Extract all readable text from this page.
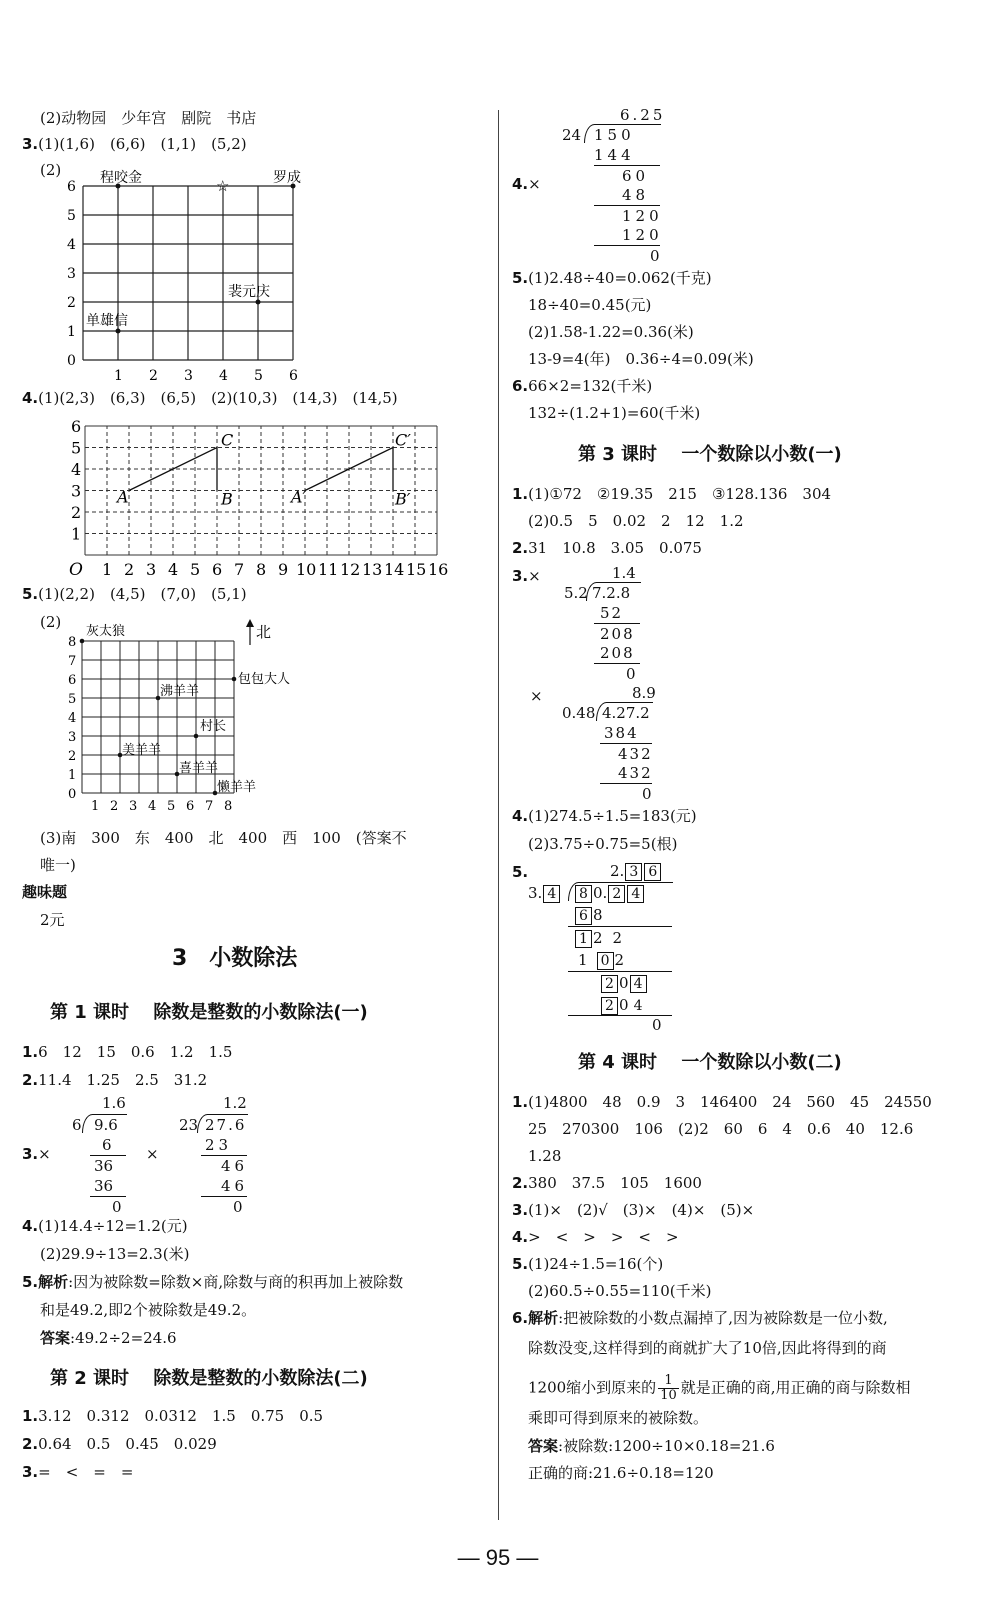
(2)动物园　少年宫　剧院　书店
3.(1)(1,6)　(6,6)　(1,1)　(5,2)
(2)
0
1
2
3
4
5
6
1 2 3 4 5 6
程咬金	罗成
裴元庆
单雄信
☆
4.(1)(2,3)　(6,3)　(6,5)　(2)(10,3)　(14,3)　(14,5)
O
1
2
3
4
5
6
1 2 3 4 5 6 7 8 9 10 11 12 13 14 15 16
A	B
C
A′	B′
C′
5.(1)(2,2)　(4,5)　(7,0)　(5,1)
(2)
0
1
2
3
4
5
6
7
8
1 2 3 4 5 6 7 8
灰太狼
包包大人
沸羊羊
村长
美羊羊
喜羊羊
懒羊羊
北
(3)南　300　东　400　北　400　西　100　(答案不
唯一)
趣味题
2元
3　小数除法
第 1 课时　 除数是整数的小数除法(一)
1.6　12　15　0.6　1.2　1.5
2.11.4　1.25　2.5　31.2
3.×	×
1.6
6 9.6
6
36
36
0
1.2
23 27.6
23
46
46
0
4.(1)14.4÷12=1.2(元)
(2)29.9÷13=2.3(米)
5.解析:因为被除数=除数×商,除数与商的积再加上被除数
和是49.2,即2个被除数是49.2。
答案:49.2÷2=24.6
第 2 课时　 除数是整数的小数除法(二)
1.3.12　0.312　0.0312　1.5　0.75　0.5
2.0.64　0.5　0.45　0.029
3.=　<　=　=
6.25
24 150
144
60
48
120
120
0
4.×
5.(1)2.48÷40=0.062(千克)
18÷40=0.45(元)
(2)1.58-1.22=0.36(米)
13-9=4(年)　0.36÷4=0.09(米)
6.66×2=132(千米)
132÷(1.2+1)=60(千米)
第 3 课时　 一个数除以小数(一)
1.(1)①72　②19.35　215　③128.136　304
(2)0.5　5　0.02　2　12　1.2
2.31　10.8　3.05　0.075
3.×	1.4
5.2 7.2.8
52
208
208
0
×	8.9
0.48 4.27.2
384
432
432
0
4.(1)274.5÷1.5=183(元)
(2)3.75÷0.75=5(根)
5.	2. 3 6
3. 4	8 0. 2 4
6 8
1 22
1 0 2
2 0 4
2 0 4
0
第 4 课时　 一个数除以小数(二)
1.(1)4800　48　0.9　3　146400　24　560　45　24550
25　270300　106　(2)2　60　6　4　0.6　40　12.6
1.28
2.380　37.5　105　1600
3.(1)×　(2)√　(3)×　(4)×　(5)×
4.>　<　>　>　<　>
5.(1)24÷1.5=16(个)
(2)60.5÷0.55=110(千米)
6.解析:把被除数的小数点漏掉了,因为被除数是一位小数,
除数没变,这样得到的商就扩大了10倍,因此将得到的商
1200缩小到原来的 $\frac{1}{10}$ 就是正确的商,用正确的商与除数相
乘即可得到原来的被除数。
答案:被除数:1200÷10×0.18=21.6
正确的商:21.6÷0.18=120
— 95 —
